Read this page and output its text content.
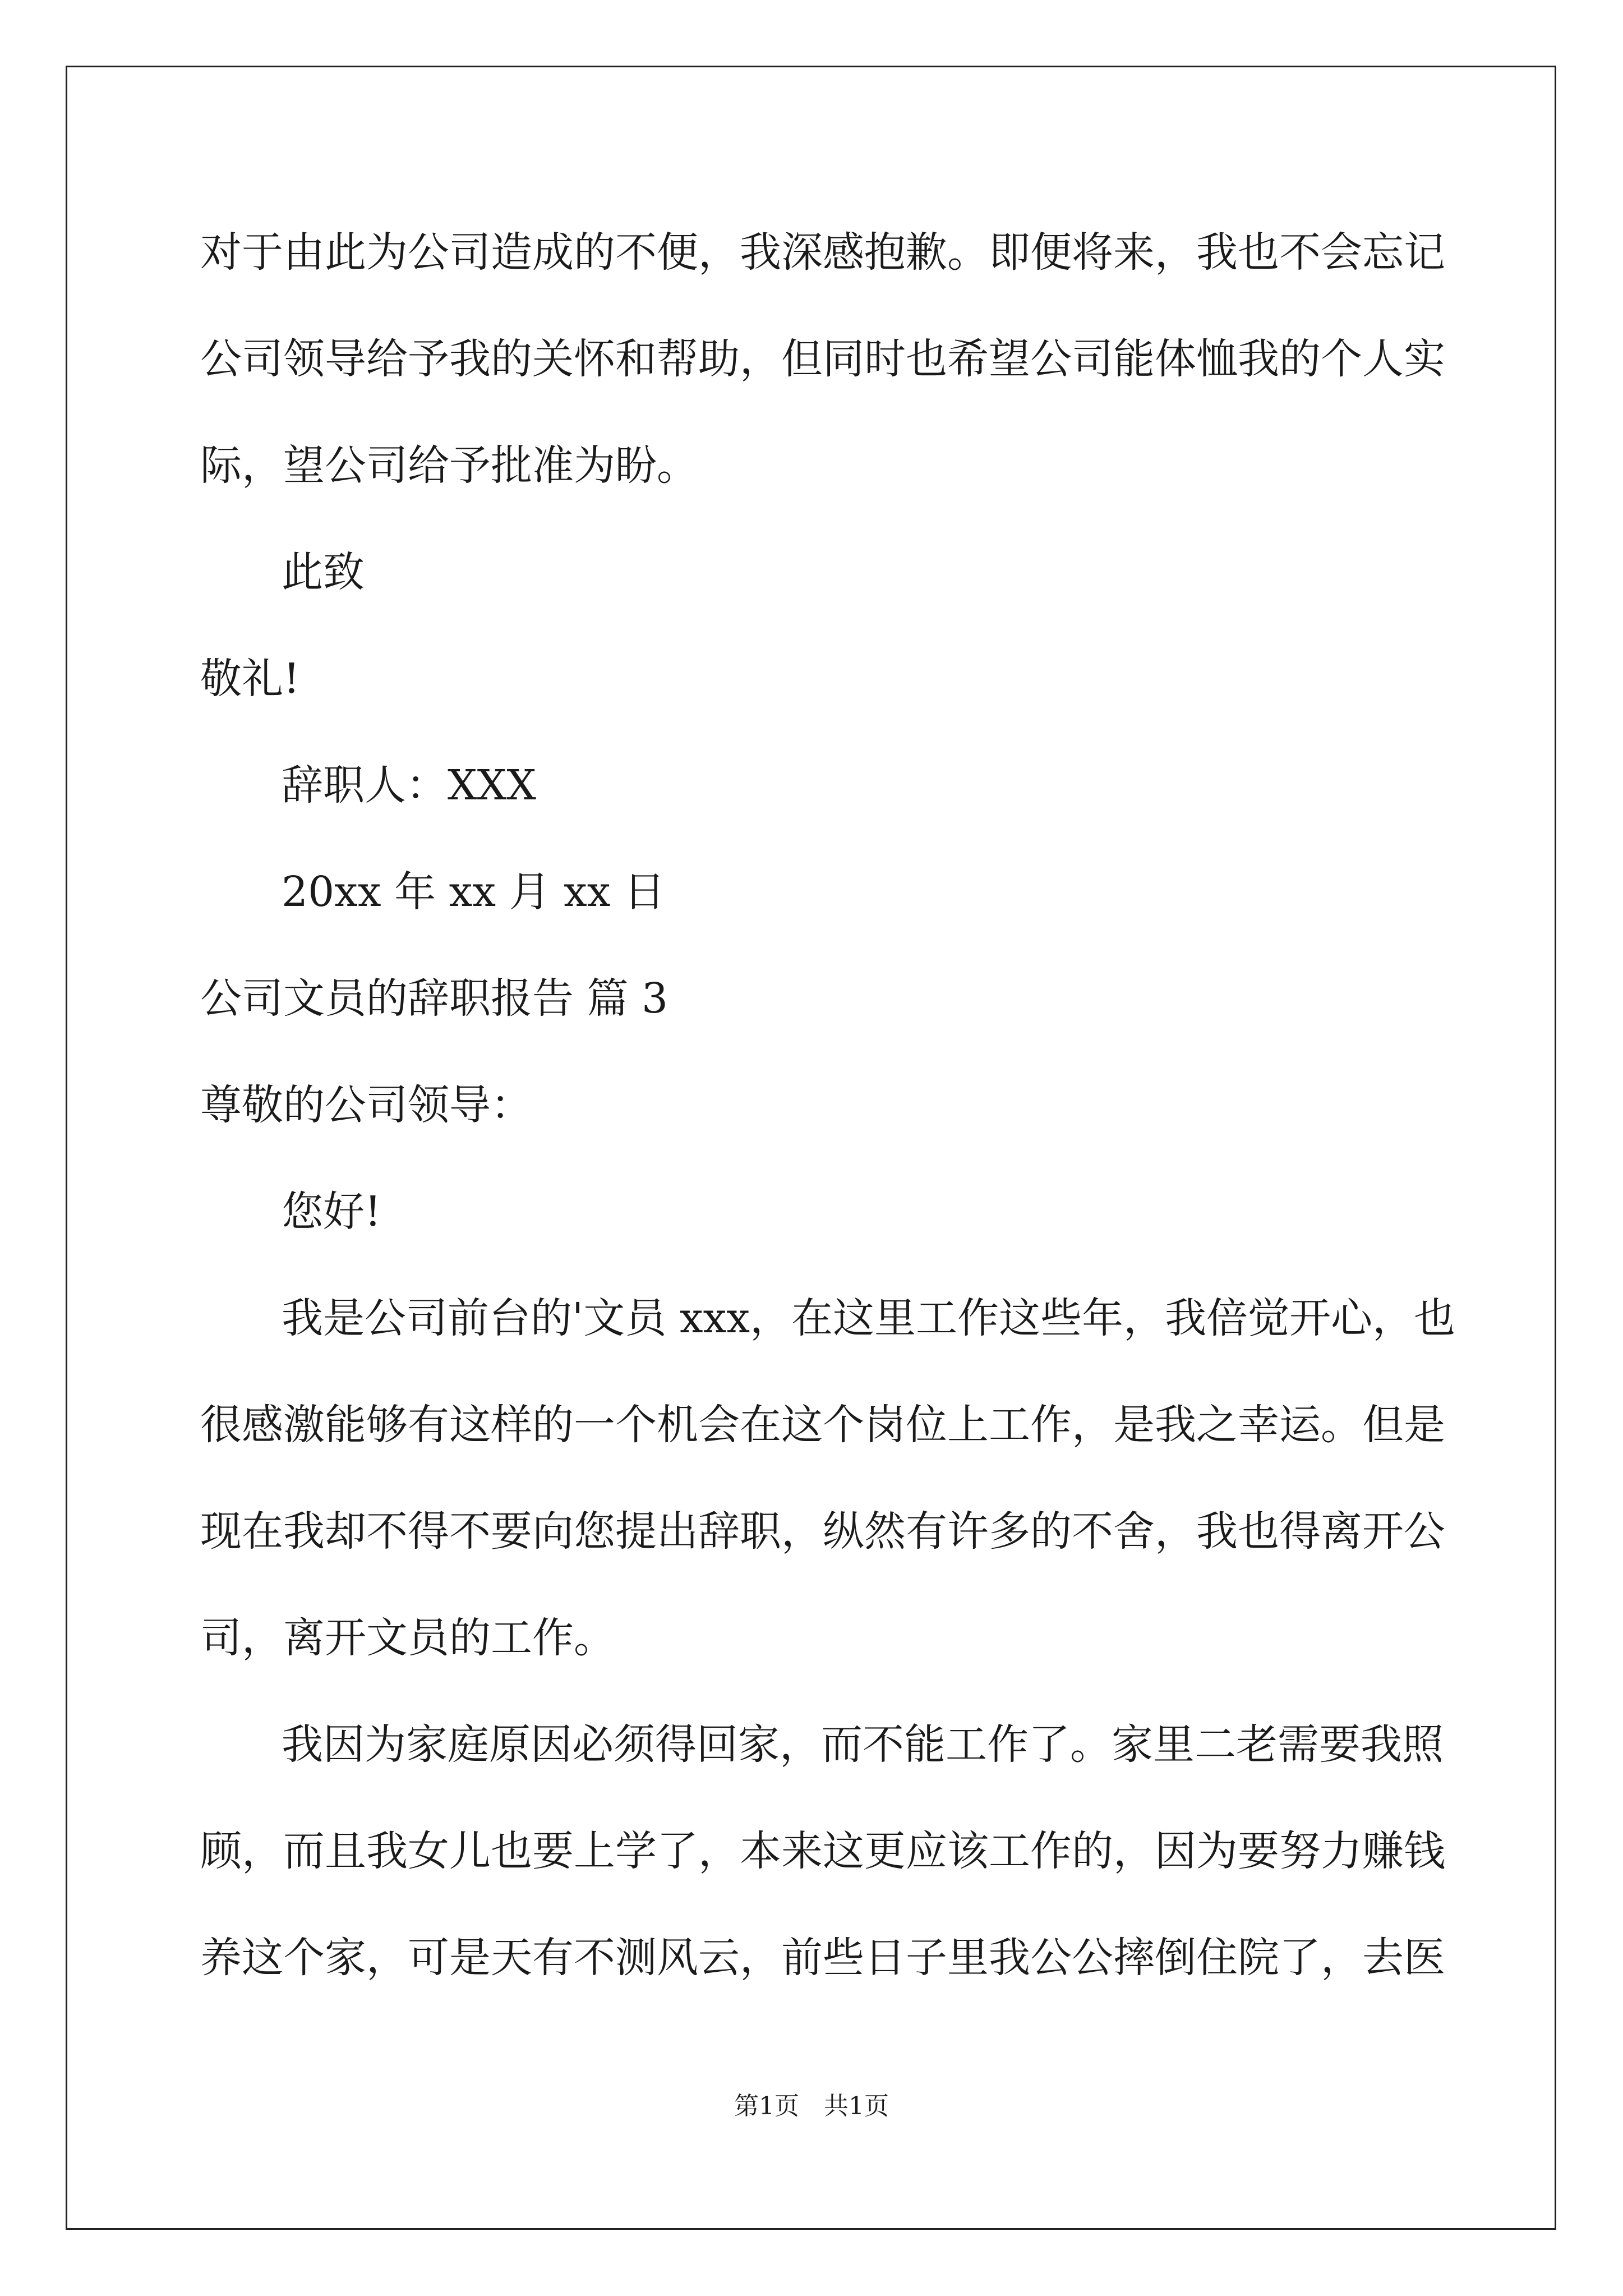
对于由此为公司造成的不便，我深感抱歉。即便将来，我也不会忘记
公司领导给予我的关怀和帮助，但同时也希望公司能体恤我的个人实
际，望公司给予批准为盼。
此致
敬礼!
辞职人：XXX
20xx 年 xx 月 xx 日
公司文员的辞职报告 篇 3
尊敬的公司领导：
您好!
我是公司前台的'文员 xxx，在这里工作这些年，我倍觉开心，也
很感激能够有这样的一个机会在这个岗位上工作，是我之幸运。但是
现在我却不得不要向您提出辞职，纵然有许多的不舍，我也得离开公
司，离开文员的工作。
我因为家庭原因必须得回家，而不能工作了。家里二老需要我照
顾，而且我女儿也要上学了，本来这更应该工作的，因为要努力赚钱
养这个家，可是天有不测风云，前些日子里我公公摔倒住院了，去医
第1页　共1页
